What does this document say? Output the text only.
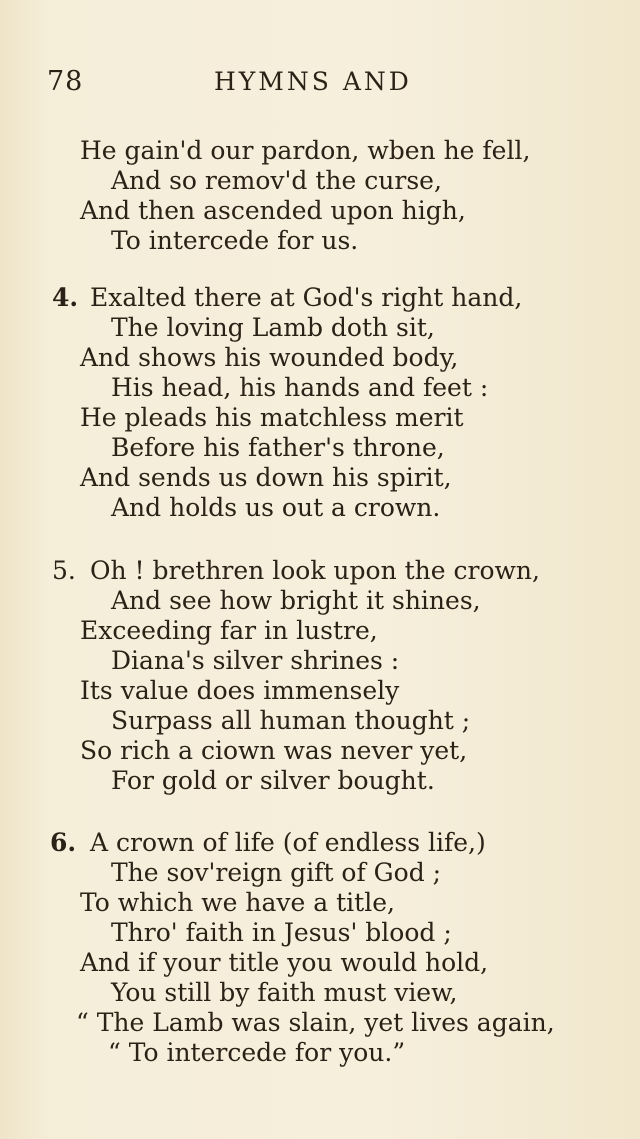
78	HYMNS AND
He gain'd our pardon, wben he fell,
And so remov'd the curse,
And then ascended upon high,
To intercede for us.
4. Exalted there at God's right hand,
The loving Lamb doth sit,
And shows his wounded body,
His head, his hands and feet :
He pleads his matchless merit
Before his father's throne,
And sends us down his spirit,
And holds us out a crown.
5. Oh ! brethren look upon the crown,
And see how bright it shines,
Exceeding far in lustre,
Diana's silver shrines :
Its value does immensely
Surpass all human thought ;
So rich a ciown was never yet,
For gold or silver bought.
6. A crown of life (of endless life,)
The sov'reign gift of God ;
To which we have a title,
Thro' faith in Jesus' blood ;
And if your title you would hold,
You still by faith must view,
“ The Lamb was slain, yet lives again,
“ To intercede for you.”
